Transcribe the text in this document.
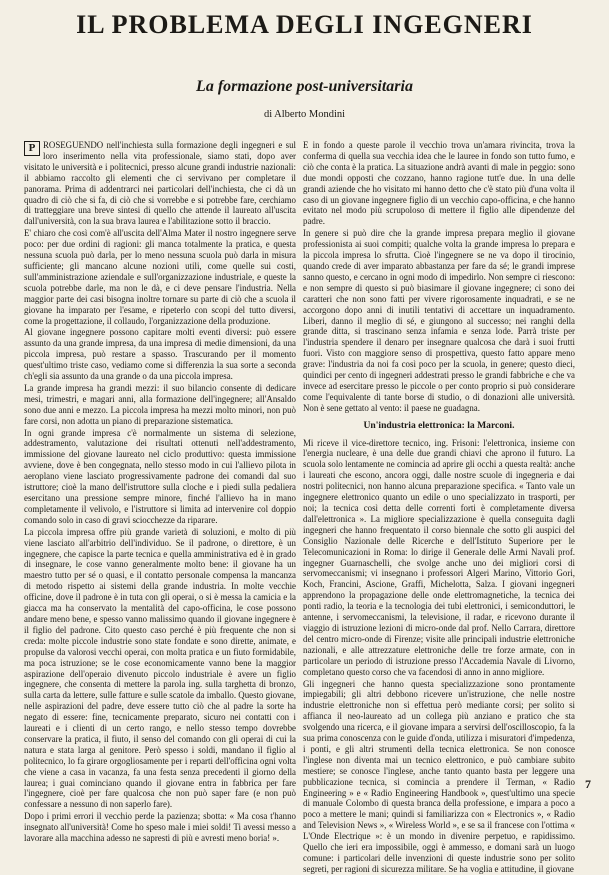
IL PROBLEMA DEGLI INGEGNERI
La formazione post-universitaria
di Alberto Mondini

P ROSEGUENDO nell'inchiesta sulla formazione degli ingegneri e sul loro inserimento nella vita professionale, siamo stati, dopo aver visitato le università e i politecnici, presso alcune grandi industrie nazionali: il abbiamo raccolto gli elementi che ci servivano per completare il panorama. Prima di addentrarci nei particolari dell'inchiesta, che ci dà un quadro di ciò che si fa, di ciò che si vorrebbe e si potrebbe fare, cerchiamo di tratteggiare una breve sintesi di quello che attende il laureato all'uscita dall'università, con la sua brava laurea e l'abilitazione sotto il braccio.

E' chiaro che così com'è all'uscita dell'Alma Mater il nostro ingegnere serve poco: per due ordini di ragioni: gli manca totalmente la pratica, e questa nessuna scuola può darla, per lo meno nessuna scuola può darla in misura sufficiente; gli mancano alcune nozioni utili, come quelle sui costi, sull'amministrazione aziendale e sull'organizzazione industriale, e queste la scuola potrebbe darle, ma non le dà, e ci deve pensare l'industria. Nella maggior parte dei casi bisogna inoltre tornare su parte di ciò che a scuola il giovane ha imparato per l'esame, e ripeterlo con scopi del tutto diversi, come la progettazione, il collaudo, l'organizzazione della produzione.

Al giovane ingegnere possono capitare molti eventi diversi: può essere assunto da una grande impresa, da una impresa di medie dimensioni, da una piccola impresa, può restare a spasso. Trascurando per il momento quest'ultimo triste caso, vediamo come si differenzia la sua sorte a seconda ch'egli sia assunto da una grande o da una piccola impresa.

La grande impresa ha grandi mezzi: il suo bilancio consente di dedicare mesi, trimestri, e magari anni, alla formazione dell'ingegnere; all'Ansaldo sono due anni e mezzo. La piccola impresa ha mezzi molto minori, non può fare corsi, non adotta un piano di preparazione sistematica.

In ogni grande impresa c'è normalmente un sistema di selezione, addestramento, valutazione dei risultati ottenuti nell'addestramento, immissione del giovane laureato nel ciclo produttivo: questa immissione avviene, dove è ben congegnata, nello stesso modo in cui l'allievo pilota in aeroplano viene lasciato progressivamente padrone dei comandi dal suo istruttore; cioè la mano dell'istruttore sulla cloche e i piedi sulla pedaliera esercitano una pressione sempre minore, finché l'allievo ha in mano completamente il velivolo, e l'istruttore si limita ad intervenire col doppio comando solo in caso di gravi sciocchezze da riparare.

La piccola impresa offre più grande varietà di soluzioni, e molto di più viene lasciato all'arbitrio dell'individuo. Se il padrone, o direttore, è un ingegnere, che capisce la parte tecnica e quella amministrativa ed è in grado di insegnare, le cose vanno generalmente molto bene: il giovane ha un maestro tutto per sé o quasi, e il contatto personale compensa la mancanza di metodo rispetto ai sistemi della grande industria. In molte vecchie officine, dove il padrone è in tuta con gli operai, o si è messa la camicia e la giacca ma ha conservato la mentalità del capo-officina, le cose possono andare meno bene, e spesso vanno malissimo quando il giovane ingegnere è il figlio del padrone. Cito questo caso perché è più frequente che non si creda: molte piccole industrie sono state fondate e sono dirette, animate, e propulse da valorosi vecchi operai, con molta pratica e un fiuto formidabile, ma poca istruzione; se le cose economicamente vanno bene la maggior aspirazione dell'operaio divenuto piccolo industriale è avere un figlio ingegnere, che consenta di mettere la parola ing. sulla targhetta di bronzo, sulla carta da lettere, sulle fatture e sulle scatole da imballo. Questo giovane, nelle aspirazioni del padre, deve essere tutto ciò che al padre la sorte ha negato di essere: fine, tecnicamente preparato, sicuro nei contatti con i laureati e i clienti di un certo rango, e nello stesso tempo dovrebbe conservare la pratica, il fiuto, il senso del comando con gli operai di cui la natura e stata larga al genitore. Però spesso i soldi, mandano il figlio al politecnico, lo fa girare orgogliosamente per i reparti dell'officina ogni volta che viene a casa in vacanza, fa una festa senza precedenti il giorno della laurea; i guai cominciano quando il giovane entra in fabbrica per fare l'ingegnere, cioè per fare qualcosa che non può saper fare (e non può confessare a nessuno di non saperlo fare).

Dopo i primi errori il vecchio perde la pazienza; sbotta: « Ma cosa t'hanno insegnato all'università! Come ho speso male i miei soldi! Ti avessi messo a lavorare alla macchina adesso ne sapresti di più e avresti meno boria! ».

E in fondo a queste parole il vecchio trova un'amara rivincita, trova la conferma di quella sua vecchia idea che le lauree in fondo son tutto fumo, e ciò che conta è la pratica. La situazione andrà avanti di male in peggio: sono due mondi opposti che cozzano, hanno ragione tutt'e due. In una delle grandi aziende che ho visitato mi hanno detto che c'è stato più d'una volta il caso di un giovane ingegnere figlio di un vecchio capo-officina, e che hanno evitato nel modo più scrupoloso di mettere il figlio alle dipendenze del padre.

In genere si può dire che la grande impresa prepara meglio il giovane professionista ai suoi compiti; qualche volta la grande impresa lo prepara e la piccola impresa lo sfrutta. Cioè l'ingegnere se ne va dopo il tirocinio, quando crede di aver imparato abbastanza per fare da sé; le grandi imprese sanno questo, e cercano in ogni modo di impedirlo. Non sempre ci riescono: e non sempre di questo si può biasimare il giovane ingegnere; ci sono dei caratteri che non sono fatti per vivere rigorosamente inquadrati, e se ne accorgono dopo anni di inutili tentativi di accettare un inquadramento. Liberi, danno il meglio di sé, e giungono al successo; nei ranghi della grande ditta, si trascinano senza infamia e senza lode. Parrà triste per l'industria spendere il denaro per insegnare qualcosa che darà i suoi frutti fuori. Visto con maggiore senso di prospettiva, questo fatto appare meno grave: l'industria da noi fa così poco per la scuola, in genere; questo dieci, quindici per cento di ingegneri addestrati presso le grandi fabbriche e che va invece ad esercitare presso le piccole o per conto proprio si può considerare come l'equivalente di tante borse di studio, o di donazioni alle università. Non è sene gettato al vento: il paese ne guadagna.

Un'industria elettronica: la Marconi.

Mi riceve il vice-direttore tecnico, ing. Frisoni: l'elettronica, insieme con l'energia nucleare, è una delle due grandi chiavi che aprono il futuro. La scuola solo lentamente ne comincia ad aprire gli occhi a questa realtà: anche i laureati che escono, ancora oggi, dalle nostre scuole di ingegneria e dai nostri politecnici, non hanno alcuna preparazione specifica. « Tanto vale un ingegnere elettronico quanto un edile o uno specializzato in trasporti, per noi; la tecnica così detta delle correnti forti è completamente diversa dall'elettronica ». La migliore specializzazione è quella conseguita dagli ingegneri che hanno frequentato il corso biennale che sotto gli auspici del Consiglio Nazionale delle Ricerche e dell'Istituto Superiore per le Telecomunicazioni in Roma: lo dirige il Generale delle Armi Navali prof. ingegner Guarnaschelli, che svolge anche uno dei migliori corsi di servomeccanismi; vi insegnano i professori Algeri Marino, Vittorio Gori, Koch, Francini, Ascione, Graffi, Michelotta, Salza. I giovani ingegneri apprendono la propagazione delle onde elettromagnetiche, la tecnica dei ponti radio, la teoria e la tecnologia dei tubi elettronici, i semiconduttori, le antenne, i servomeccanismi, la televisione, il radar, e ricevono durante il viaggio di istruzione lezioni di micro-onde dal prof. Nello Carrara, direttore del centro micro-onde di Firenze; visite alle principali industrie elettroniche nazionali, e alle attrezzature elettroniche delle tre forze armate, con in particolare un periodo di istruzione presso l'Accademia Navale di Livorno, completano questo corso che va facendosi di anno in anno migliore.

Gli ingegneri che hanno questa specializzazione sono prontamente impiegabili; gli altri debbono ricevere un'istruzione, che nelle nostre industrie elettroniche non si effettua però mediante corsi; per solito si affianca il neo-laureato ad un collega più anziano e pratico che sta svolgendo una ricerca, e il giovane impara a servirsi dell'oscilloscopio, fa la sua prima conoscenza con le guide d'onda, utilizza i misuratori d'impedenza, i ponti, e gli altri strumenti della tecnica elettronica. Se non conosce l'inglese non diventa mai un tecnico elettronico, e può cambiare subito mestiere; se conosce l'inglese, anche tanto quanto basta per leggere una pubblicazione tecnica, si comincia a prendere il Terman, « Radio Engineering » e « Radio Engineering Handbook », quest'ultimo una specie di manuale Colombo di questa branca della professione, e impara a poco a poco a mettere le mani; quindi si familiarizza con « Electronics », « Radio and Television News », « Wireless World », e se sa il francese con l'ottima « L'Onde Electrique »: è un mondo in divenire perpetuo, e rapidissimo. Quello che ieri era impossibile, oggi è ammesso, e domani sarà un luogo comune: i particolari delle invenzioni di queste industrie sono per solito segreti, per ragioni di sicurezza militare. Se ha voglia e attitudine, il giovane

7
